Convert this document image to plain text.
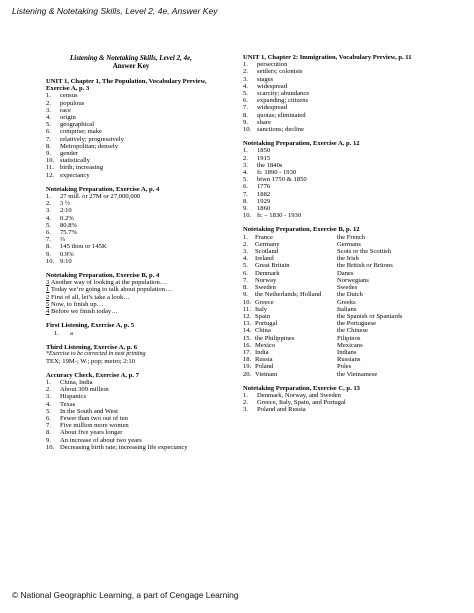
Listening & Notetaking Skills, Level 2, 4e, Answer Key
Listening & Notetaking Skills, Level 2, 4e,
Answer Key

UNIT 1, Chapter 1, The Population, Vocabulary Preview, Exercise A, p. 3

1.	census
2.	populous
3.	race
4.	origin
5.	geographical
6.	comprise; make
7.	relatively; progressively
8.	Metropolitan; densely
9.	gender
10. statistically
11. birth; increasing
12. expectancy

Notetaking Preparation, Exercise A, p. 4

1.	27 mill. or 27M or 27,000,000
2.	3 ½
3.	2:10
4.	0.2%
5.	80.8%
6.	75.7%
7.	⅔
8.	145 thou or 145K
9.	0.9%
10. 9:10

Notetaking Preparation, Exercise B, p. 4

3 Another way of looking at the population…
1 Today we’re going to talk about population…
2 First of all, let’s take a look…
5 Now, to finish up…
4 Before we finish today…

First Listening, Exercise A, p. 5

1.	a

Third Listening, Exercise A, p. 6

*Exercise to be corrected in next printing
TEX; 19M-; W.; pop; metro; 2:10

Accuracy Check, Exercise A, p. 7

1.	China, India
2.	About 309 million
3.	Hispanics
4.	Texas
5.	In the South and West
6.	Fewer than two out of ten
7.	Five million more women
8.	About five years longer
9.	An increase of about two years
10. Decreasing birth rate; increasing life expectancy

UNIT 1, Chapter 2: Immigration, Vocabulary Preview, p. 11

1.	persecution
2.	settlers; colonists
3.	stages
4.	widespread
5.	scarcity; abundance
6.	expanding; citizens
7.	widespread
8.	quotas; eliminated
9.	share
10. sanctions; decline

Notetaking Preparation, Exercise A, p. 12

1.	1850
2.	1915
3.	the 1840s
4.	fr. 1890 - 1930
5.	btwn 1750 & 1850
6.	1776
7.	1882
8.	1929
9.	1860
10. fr. – 1830 - 1930

Notetaking Preparation, Exercise B, p. 12

1.	France	the French
2.	Germany	Germans
3.	Scotland	Scots or the Scottish
4.	Ireland	the Irish
5.	Great Britain	the British or Britons
6.	Denmark	Danes
7.	Norway	Norwegians
8.	Sweden	Swedes
9.	the Netherlands; Holland	the Dutch
10.	Greece	Greeks
11.	Italy	Italians
12.	Spain	the Spanish or Spaniards
13.	Portugal	the Portuguese
14.	China	the Chinese
15.	the Philippines	Filipinos
16.	Mexico	Mexicans
17.	India	Indians
18.	Russia	Russians
19.	Poland	Poles
20.	Vietnam	the Vietnamese

Notetaking Preparation, Exercise C, p. 13

1.	Denmark, Norway, and Sweden
2.	Greece, Italy, Spain, and Portugal
3.	Poland and Russia
© National Geographic Learning, a part of Cengage Learning
